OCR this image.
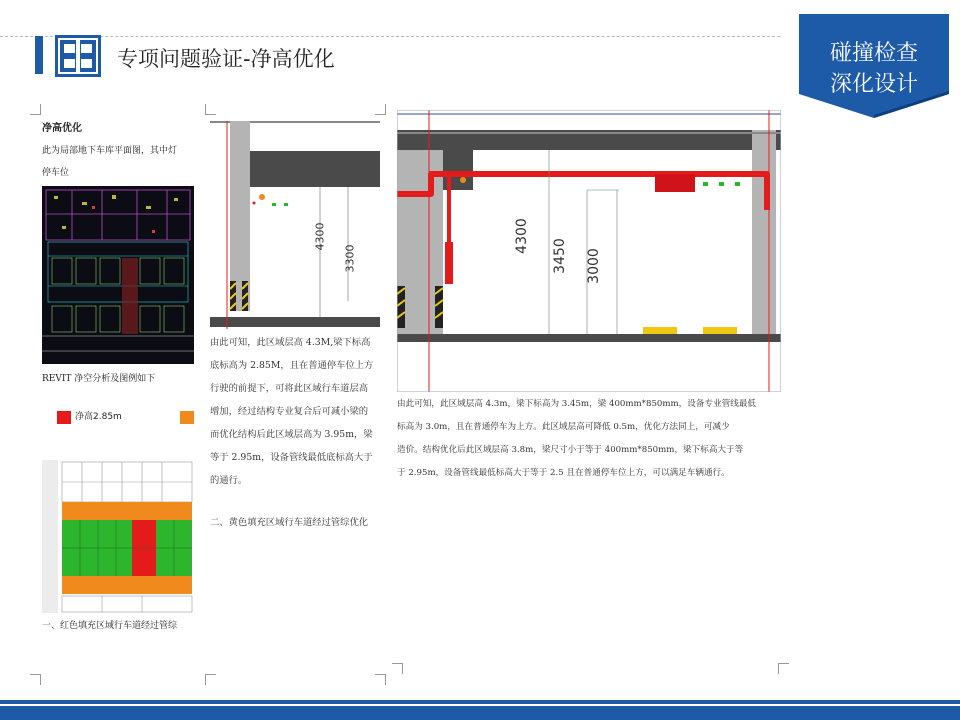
专项问题验证-净高优化	碰撞检查
深化设计
净高优化
此为局部地下车库平面图，其中灯
停车位
REVIT 净空分析及图例如下
净高2.85m
一、红色填充区域行车道经过管综
4300
3300
由此可知，此区域层高 4.3M,梁下标高
底标高为 2.85M，且在普通停车位上方
行驶的前提下，可将此区域行车道层高
增加，经过结构专业复合后可减小梁的
而优化结构后此区域层高为 3.95m，梁
等于 2.95m，设备管线最低底标高大于
的通行。
二、黄色填充区域行车道经过管综优化
4300
3450 3000
由此可知，此区域层高 4.3m，梁下标高为 3.45m，梁 400mm*850mm，设备专业管线最低
标高为 3.0m，且在普通停车为上方。此区域层高可降低 0.5m，优化方法同上，可减少
造价。结构优化后此区域层高 3.8m，梁尺寸小于等于 400mm*850mm，梁下标高大于等
于 2.95m，设备管线最低标高大于等于 2.5 且在普通停车位上方，可以满足车辆通行。
